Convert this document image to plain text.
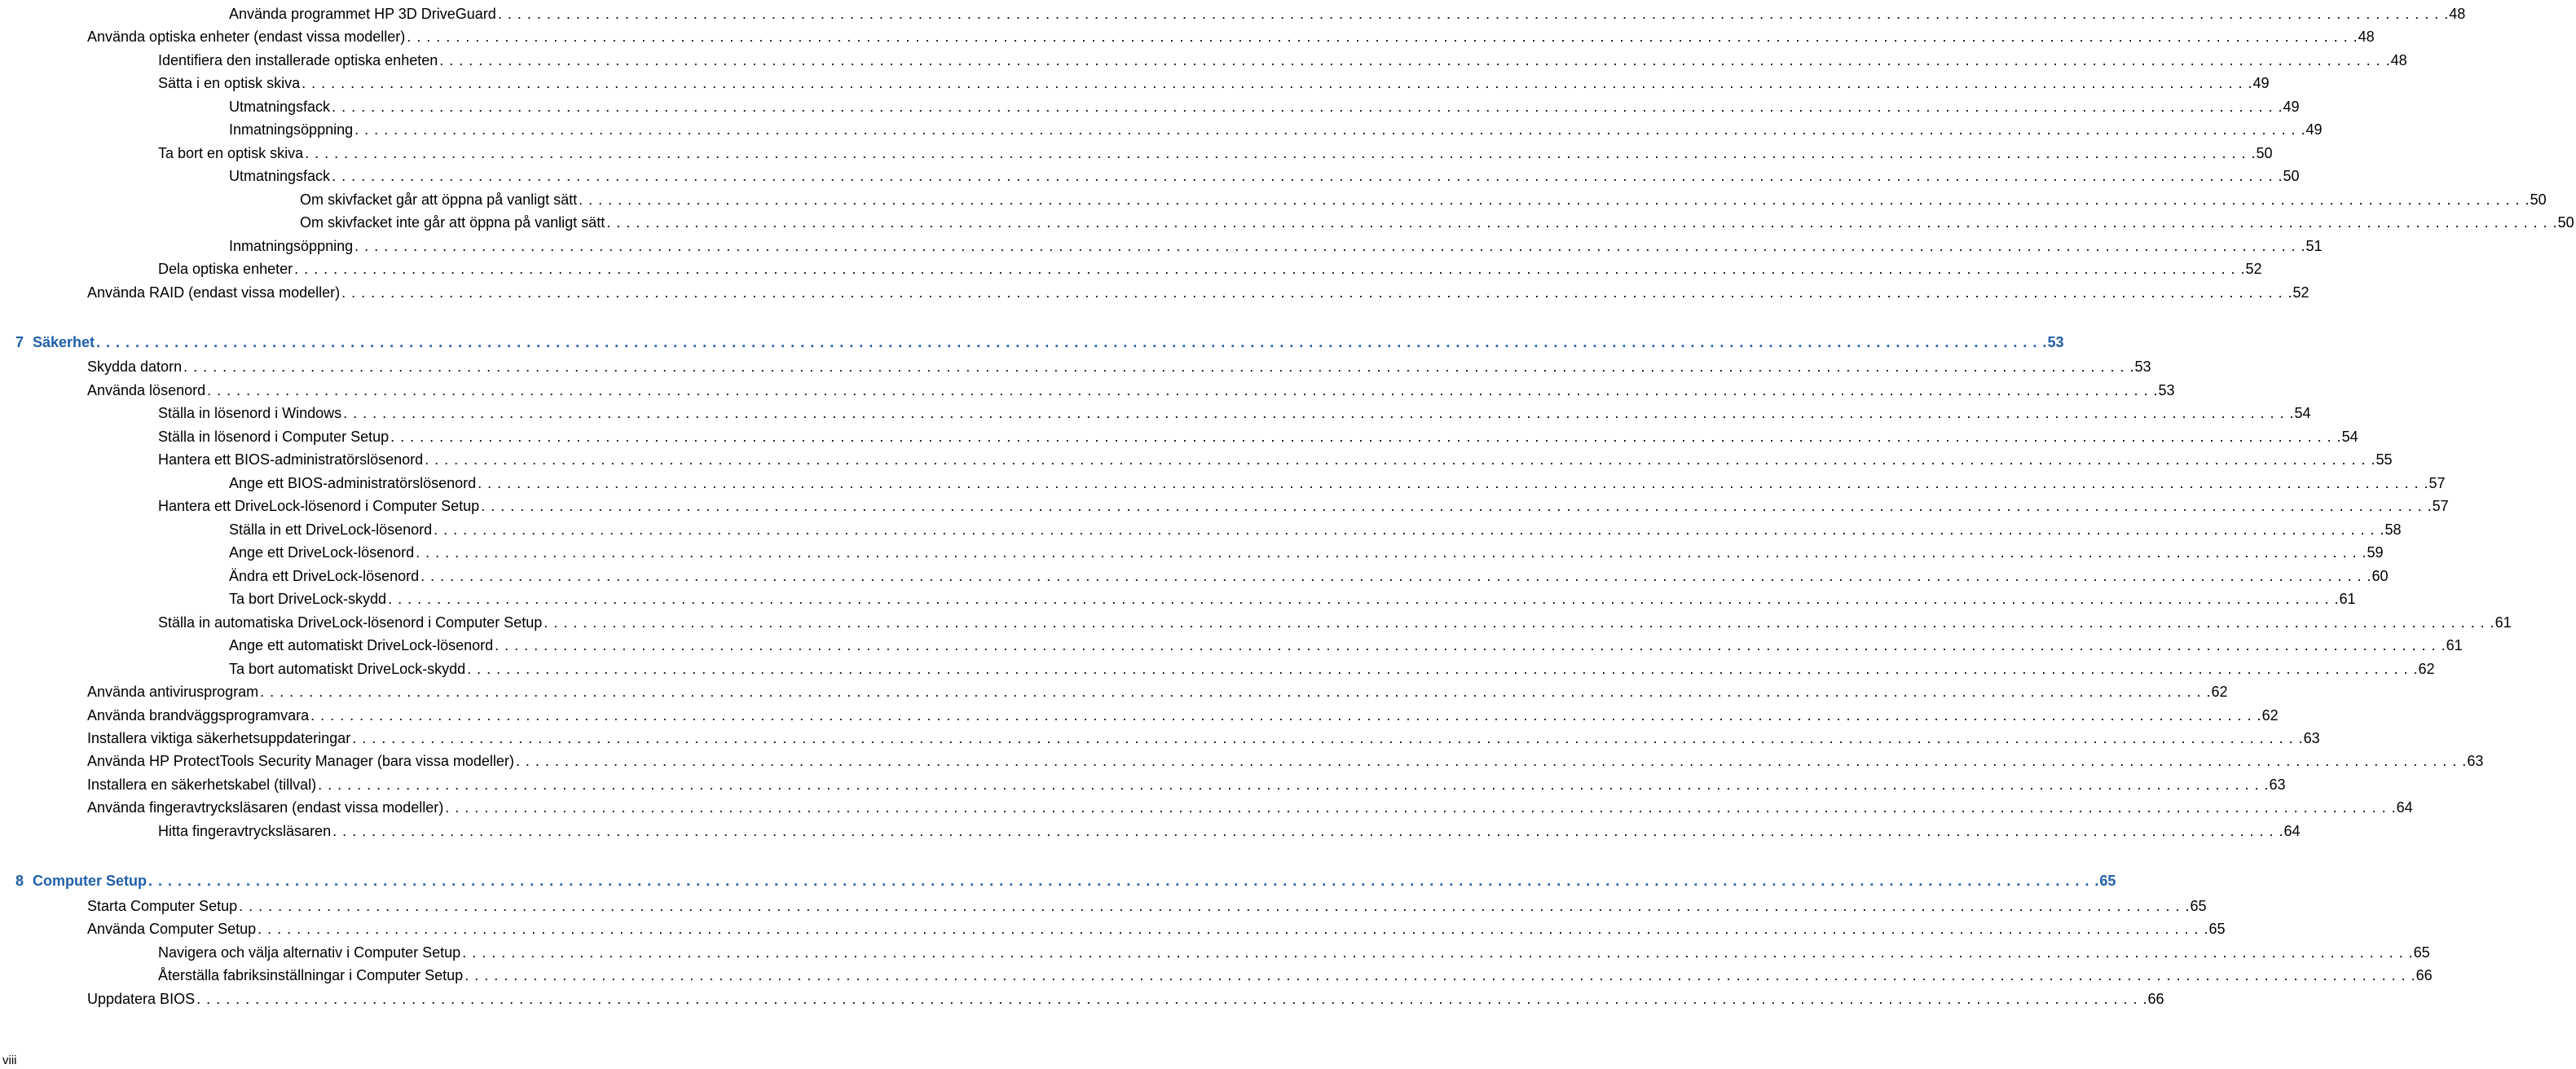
Använda programmet HP 3D DriveGuard . . . . . . . . . . . . . . . . . . . . . . . . . . . . . . . . . . . . . . . . . . . . . . . . . . . . . . . . . . . . . . . . . . . . . . . . . . . . . . . . . . . . . . . . . . . . . . . . . . . . . . . . . . . . . . . . . . . . . . . . . . . . . . . . . . . . . . . . . . . . . . . . . . . . . . . . . . . . . . . . . . . . . . . . . . . . . . . . . . . . . . . . . . . . . . . . . . . . . . . . 48
Använda optiska enheter (endast vissa modeller) . . . . . . . . . . . . . . . . . . . . . . . . . . . . . . . . . . . . . . . . . . . . . . . . . . . . . . . . . . . . . . . . . . . . . . . . . . . . . . . . . . . . . . . . . . . . . . . . . . . . . . . . . . . . . . . . . . . . . . . . . . . . . . . . . . . . . . . . . . . . . . . . . . . . . . . . . . . . . . . . . . . . . . . . . . . . . . . . . . . . . . . . . . . . . . . . . . . . . . . . 48
Identifiera den installerade optiska enheten . . . . . . . . . . . . . . . . . . . . . . . . . . . . . . . . . . . . . . . . . . . . . . . . . . . . . . . . . . . . . . . . . . . . . . . . . . . . . . . . . . . . . . . . . . . . . . . . . . . . . . . . . . . . . . . . . . . . . . . . . . . . . . . . . . . . . . . . . . . . . . . . . . . . . . . . . . . . . . . . . . . . . . . . . . . . . . . . . . . . . . . . . . . . . . . . . . . . . . . . 48
Sätta i en optisk skiva . . . . . . . . . . . . . . . . . . . . . . . . . . . . . . . . . . . . . . . . . . . . . . . . . . . . . . . . . . . . . . . . . . . . . . . . . . . . . . . . . . . . . . . . . . . . . . . . . . . . . . . . . . . . . . . . . . . . . . . . . . . . . . . . . . . . . . . . . . . . . . . . . . . . . . . . . . . . . . . . . . . . . . . . . . . . . . . . . . . . . . . . . . . . . . . . . . . . . . . . 49
Utmatningsfack . . . . . . . . . . . . . . . . . . . . . . . . . . . . . . . . . . . . . . . . . . . . . . . . . . . . . . . . . . . . . . . . . . . . . . . . . . . . . . . . . . . . . . . . . . . . . . . . . . . . . . . . . . . . . . . . . . . . . . . . . . . . . . . . . . . . . . . . . . . . . . . . . . . . . . . . . . . . . . . . . . . . . . . . . . . . . . . . . . . . . . . . . . . . . . . . . . . . . . . . 49
Inmatningsöppning . . . . . . . . . . . . . . . . . . . . . . . . . . . . . . . . . . . . . . . . . . . . . . . . . . . . . . . . . . . . . . . . . . . . . . . . . . . . . . . . . . . . . . . . . . . . . . . . . . . . . . . . . . . . . . . . . . . . . . . . . . . . . . . . . . . . . . . . . . . . . . . . . . . . . . . . . . . . . . . . . . . . . . . . . . . . . . . . . . . . . . . . . . . . . . . . . . . . . . . . 49
Ta bort en optisk skiva . . . . . . . . . . . . . . . . . . . . . . . . . . . . . . . . . . . . . . . . . . . . . . . . . . . . . . . . . . . . . . . . . . . . . . . . . . . . . . . . . . . . . . . . . . . . . . . . . . . . . . . . . . . . . . . . . . . . . . . . . . . . . . . . . . . . . . . . . . . . . . . . . . . . . . . . . . . . . . . . . . . . . . . . . . . . . . . . . . . . . . . . . . . . . . . . . . . . . . . . 50
Utmatningsfack . . . . . . . . . . . . . . . . . . . . . . . . . . . . . . . . . . . . . . . . . . . . . . . . . . . . . . . . . . . . . . . . . . . . . . . . . . . . . . . . . . . . . . . . . . . . . . . . . . . . . . . . . . . . . . . . . . . . . . . . . . . . . . . . . . . . . . . . . . . . . . . . . . . . . . . . . . . . . . . . . . . . . . . . . . . . . . . . . . . . . . . . . . . . . . . . . . . . . . . . 50
Om skivfacket går att öppna på vanligt sätt . . . . . . . . . . . . . . . . . . . . . . . . . . . . . . . . . . . . . . . . . . . . . . . . . . . . . . . . . . . . . . . . . . . . . . . . . . . . . . . . . . . . . . . . . . . . . . . . . . . . . . . . . . . . . . . . . . . . . . . . . . . . . . . . . . . . . . . . . . . . . . . . . . . . . . . . . . . . . . . . . . . . . . . . . . . . . . . . . . . . . . . . . . . . . . . . . . . . . . . . 50
Om skivfacket inte går att öppna på vanligt sätt . . . . . . . . . . . . . . . . . . . . . . . . . . . . . . . . . . . . . . . . . . . . . . . . . . . . . . . . . . . . . . . . . . . . . . . . . . . . . . . . . . . . . . . . . . . . . . . . . . . . . . . . . . . . . . . . . . . . . . . . . . . . . . . . . . . . . . . . . . . . . . . . . . . . . . . . . . . . . . . . . . . . . . . . . . . . . . . . . . . . . . . . . . . . . . . . . . . . . . . . 50
Inmatningsöppning . . . . . . . . . . . . . . . . . . . . . . . . . . . . . . . . . . . . . . . . . . . . . . . . . . . . . . . . . . . . . . . . . . . . . . . . . . . . . . . . . . . . . . . . . . . . . . . . . . . . . . . . . . . . . . . . . . . . . . . . . . . . . . . . . . . . . . . . . . . . . . . . . . . . . . . . . . . . . . . . . . . . . . . . . . . . . . . . . . . . . . . . . . . . . . . . . . . . . . . . 51
Dela optiska enheter . . . . . . . . . . . . . . . . . . . . . . . . . . . . . . . . . . . . . . . . . . . . . . . . . . . . . . . . . . . . . . . . . . . . . . . . . . . . . . . . . . . . . . . . . . . . . . . . . . . . . . . . . . . . . . . . . . . . . . . . . . . . . . . . . . . . . . . . . . . . . . . . . . . . . . . . . . . . . . . . . . . . . . . . . . . . . . . . . . . . . . . . . . . . . . . . . . . . . . . . 52
Använda RAID (endast vissa modeller) . . . . . . . . . . . . . . . . . . . . . . . . . . . . . . . . . . . . . . . . . . . . . . . . . . . . . . . . . . . . . . . . . . . . . . . . . . . . . . . . . . . . . . . . . . . . . . . . . . . . . . . . . . . . . . . . . . . . . . . . . . . . . . . . . . . . . . . . . . . . . . . . . . . . . . . . . . . . . . . . . . . . . . . . . . . . . . . . . . . . . . . . . . . . . . . . . . . . . . . . 52
7 Säkerhet . . . . . . . . . . . . . . . . . . . . . . . . . . . . . . . . . . . . . . . . . . . . . . . . . . . . . . . . . . . . . . . . . . . . . . . . . . . . . . . . . . . . . . . . . . . . . . . . . . . . . . . . . . . . . . . . . . . . . . . . . . . . . . . . . . . . . . . . . . . . . . . . . . . . . . . . . . . . . . . . . . . . . . . . . . . . . . . . . . . . . . . . . . . . . . . . . . . . . . . . 53
Skydda datorn . . . . . . . . . . . . . . . . . . . . . . . . . . . . . . . . . . . . . . . . . . . . . . . . . . . . . . . . . . . . . . . . . . . . . . . . . . . . . . . . . . . . . . . . . . . . . . . . . . . . . . . . . . . . . . . . . . . . . . . . . . . . . . . . . . . . . . . . . . . . . . . . . . . . . . . . . . . . . . . . . . . . . . . . . . . . . . . . . . . . . . . . . . . . . . . . . . . . . . . . 53
Använda lösenord . . . . . . . . . . . . . . . . . . . . . . . . . . . . . . . . . . . . . . . . . . . . . . . . . . . . . . . . . . . . . . . . . . . . . . . . . . . . . . . . . . . . . . . . . . . . . . . . . . . . . . . . . . . . . . . . . . . . . . . . . . . . . . . . . . . . . . . . . . . . . . . . . . . . . . . . . . . . . . . . . . . . . . . . . . . . . . . . . . . . . . . . . . . . . . . . . . . . . . . . 53
Ställa in lösenord i Windows . . . . . . . . . . . . . . . . . . . . . . . . . . . . . . . . . . . . . . . . . . . . . . . . . . . . . . . . . . . . . . . . . . . . . . . . . . . . . . . . . . . . . . . . . . . . . . . . . . . . . . . . . . . . . . . . . . . . . . . . . . . . . . . . . . . . . . . . . . . . . . . . . . . . . . . . . . . . . . . . . . . . . . . . . . . . . . . . . . . . . . . . . . . . . . . . . . . . . . . . 54
Ställa in lösenord i Computer Setup . . . . . . . . . . . . . . . . . . . . . . . . . . . . . . . . . . . . . . . . . . . . . . . . . . . . . . . . . . . . . . . . . . . . . . . . . . . . . . . . . . . . . . . . . . . . . . . . . . . . . . . . . . . . . . . . . . . . . . . . . . . . . . . . . . . . . . . . . . . . . . . . . . . . . . . . . . . . . . . . . . . . . . . . . . . . . . . . . . . . . . . . . . . . . . . . . . . . . . . . 54
Hantera ett BIOS-administratörslösenord . . . . . . . . . . . . . . . . . . . . . . . . . . . . . . . . . . . . . . . . . . . . . . . . . . . . . . . . . . . . . . . . . . . . . . . . . . . . . . . . . . . . . . . . . . . . . . . . . . . . . . . . . . . . . . . . . . . . . . . . . . . . . . . . . . . . . . . . . . . . . . . . . . . . . . . . . . . . . . . . . . . . . . . . . . . . . . . . . . . . . . . . . . . . . . . . . . . . . . . . 55
Ange ett BIOS-administratörslösenord . . . . . . . . . . . . . . . . . . . . . . . . . . . . . . . . . . . . . . . . . . . . . . . . . . . . . . . . . . . . . . . . . . . . . . . . . . . . . . . . . . . . . . . . . . . . . . . . . . . . . . . . . . . . . . . . . . . . . . . . . . . . . . . . . . . . . . . . . . . . . . . . . . . . . . . . . . . . . . . . . . . . . . . . . . . . . . . . . . . . . . . . . . . . . . . . . . . . . . . . 57
Hantera ett DriveLock-lösenord i Computer Setup . . . . . . . . . . . . . . . . . . . . . . . . . . . . . . . . . . . . . . . . . . . . . . . . . . . . . . . . . . . . . . . . . . . . . . . . . . . . . . . . . . . . . . . . . . . . . . . . . . . . . . . . . . . . . . . . . . . . . . . . . . . . . . . . . . . . . . . . . . . . . . . . . . . . . . . . . . . . . . . . . . . . . . . . . . . . . . . . . . . . . . . . . . . . . . . . . . . . . . . . 57
Ställa in ett DriveLock-lösenord . . . . . . . . . . . . . . . . . . . . . . . . . . . . . . . . . . . . . . . . . . . . . . . . . . . . . . . . . . . . . . . . . . . . . . . . . . . . . . . . . . . . . . . . . . . . . . . . . . . . . . . . . . . . . . . . . . . . . . . . . . . . . . . . . . . . . . . . . . . . . . . . . . . . . . . . . . . . . . . . . . . . . . . . . . . . . . . . . . . . . . . . . . . . . . . . . . . . . . . . 58
Ange ett DriveLock-lösenord . . . . . . . . . . . . . . . . . . . . . . . . . . . . . . . . . . . . . . . . . . . . . . . . . . . . . . . . . . . . . . . . . . . . . . . . . . . . . . . . . . . . . . . . . . . . . . . . . . . . . . . . . . . . . . . . . . . . . . . . . . . . . . . . . . . . . . . . . . . . . . . . . . . . . . . . . . . . . . . . . . . . . . . . . . . . . . . . . . . . . . . . . . . . . . . . . . . . . . . . 59
Ändra ett DriveLock-lösenord . . . . . . . . . . . . . . . . . . . . . . . . . . . . . . . . . . . . . . . . . . . . . . . . . . . . . . . . . . . . . . . . . . . . . . . . . . . . . . . . . . . . . . . . . . . . . . . . . . . . . . . . . . . . . . . . . . . . . . . . . . . . . . . . . . . . . . . . . . . . . . . . . . . . . . . . . . . . . . . . . . . . . . . . . . . . . . . . . . . . . . . . . . . . . . . . . . . . . . . . 60
Ta bort DriveLock-skydd . . . . . . . . . . . . . . . . . . . . . . . . . . . . . . . . . . . . . . . . . . . . . . . . . . . . . . . . . . . . . . . . . . . . . . . . . . . . . . . . . . . . . . . . . . . . . . . . . . . . . . . . . . . . . . . . . . . . . . . . . . . . . . . . . . . . . . . . . . . . . . . . . . . . . . . . . . . . . . . . . . . . . . . . . . . . . . . . . . . . . . . . . . . . . . . . . . . . . . . . 61
Ställa in automatiska DriveLock-lösenord i Computer Setup . . . . . . . . . . . . . . . . . . . . . . . . . . . . . . . . . . . . . . . . . . . . . . . . . . . . . . . . . . . . . . . . . . . . . . . . . . . . . . . . . . . . . . . . . . . . . . . . . . . . . . . . . . . . . . . . . . . . . . . . . . . . . . . . . . . . . . . . . . . . . . . . . . . . . . . . . . . . . . . . . . . . . . . . . . . . . . . . . . . . . . . . . . . . . . . . . . . . . . . . 61
Ange ett automatiskt DriveLock-lösenord . . . . . . . . . . . . . . . . . . . . . . . . . . . . . . . . . . . . . . . . . . . . . . . . . . . . . . . . . . . . . . . . . . . . . . . . . . . . . . . . . . . . . . . . . . . . . . . . . . . . . . . . . . . . . . . . . . . . . . . . . . . . . . . . . . . . . . . . . . . . . . . . . . . . . . . . . . . . . . . . . . . . . . . . . . . . . . . . . . . . . . . . . . . . . . . . . . . . . . . . 61
Ta bort automatiskt DriveLock-skydd . . . . . . . . . . . . . . . . . . . . . . . . . . . . . . . . . . . . . . . . . . . . . . . . . . . . . . . . . . . . . . . . . . . . . . . . . . . . . . . . . . . . . . . . . . . . . . . . . . . . . . . . . . . . . . . . . . . . . . . . . . . . . . . . . . . . . . . . . . . . . . . . . . . . . . . . . . . . . . . . . . . . . . . . . . . . . . . . . . . . . . . . . . . . . . . . . . . . . . . . 62
Använda antivirusprogram . . . . . . . . . . . . . . . . . . . . . . . . . . . . . . . . . . . . . . . . . . . . . . . . . . . . . . . . . . . . . . . . . . . . . . . . . . . . . . . . . . . . . . . . . . . . . . . . . . . . . . . . . . . . . . . . . . . . . . . . . . . . . . . . . . . . . . . . . . . . . . . . . . . . . . . . . . . . . . . . . . . . . . . . . . . . . . . . . . . . . . . . . . . . . . . . . . . . . . . . 62
Använda brandväggsprogramvara . . . . . . . . . . . . . . . . . . . . . . . . . . . . . . . . . . . . . . . . . . . . . . . . . . . . . . . . . . . . . . . . . . . . . . . . . . . . . . . . . . . . . . . . . . . . . . . . . . . . . . . . . . . . . . . . . . . . . . . . . . . . . . . . . . . . . . . . . . . . . . . . . . . . . . . . . . . . . . . . . . . . . . . . . . . . . . . . . . . . . . . . . . . . . . . . . . . . . . . . 62
Installera viktiga säkerhetsuppdateringar . . . . . . . . . . . . . . . . . . . . . . . . . . . . . . . . . . . . . . . . . . . . . . . . . . . . . . . . . . . . . . . . . . . . . . . . . . . . . . . . . . . . . . . . . . . . . . . . . . . . . . . . . . . . . . . . . . . . . . . . . . . . . . . . . . . . . . . . . . . . . . . . . . . . . . . . . . . . . . . . . . . . . . . . . . . . . . . . . . . . . . . . . . . . . . . . . . . . . . . . 63
Använda HP ProtectTools Security Manager (bara vissa modeller) . . . . . . . . . . . . . . . . . . . . . . . . . . . . . . . . . . . . . . . . . . . . . . . . . . . . . . . . . . . . . . . . . . . . . . . . . . . . . . . . . . . . . . . . . . . . . . . . . . . . . . . . . . . . . . . . . . . . . . . . . . . . . . . . . . . . . . . . . . . . . . . . . . . . . . . . . . . . . . . . . . . . . . . . . . . . . . . . . . . . . . . . . . . . . . . . . . . . . . . . 63
Installera en säkerhetskabel (tillval) . . . . . . . . . . . . . . . . . . . . . . . . . . . . . . . . . . . . . . . . . . . . . . . . . . . . . . . . . . . . . . . . . . . . . . . . . . . . . . . . . . . . . . . . . . . . . . . . . . . . . . . . . . . . . . . . . . . . . . . . . . . . . . . . . . . . . . . . . . . . . . . . . . . . . . . . . . . . . . . . . . . . . . . . . . . . . . . . . . . . . . . . . . . . . . . . . . . . . . . . 63
Använda fingeravtrycksläsaren (endast vissa modeller) . . . . . . . . . . . . . . . . . . . . . . . . . . . . . . . . . . . . . . . . . . . . . . . . . . . . . . . . . . . . . . . . . . . . . . . . . . . . . . . . . . . . . . . . . . . . . . . . . . . . . . . . . . . . . . . . . . . . . . . . . . . . . . . . . . . . . . . . . . . . . . . . . . . . . . . . . . . . . . . . . . . . . . . . . . . . . . . . . . . . . . . . . . . . . . . . . . . . . . . . 64
Hitta fingeravtrycksläsaren . . . . . . . . . . . . . . . . . . . . . . . . . . . . . . . . . . . . . . . . . . . . . . . . . . . . . . . . . . . . . . . . . . . . . . . . . . . . . . . . . . . . . . . . . . . . . . . . . . . . . . . . . . . . . . . . . . . . . . . . . . . . . . . . . . . . . . . . . . . . . . . . . . . . . . . . . . . . . . . . . . . . . . . . . . . . . . . . . . . . . . . . . . . . . . . . . . . . . . . . 64
8 Computer Setup . . . . . . . . . . . . . . . . . . . . . . . . . . . . . . . . . . . . . . . . . . . . . . . . . . . . . . . . . . . . . . . . . . . . . . . . . . . . . . . . . . . . . . . . . . . . . . . . . . . . . . . . . . . . . . . . . . . . . . . . . . . . . . . . . . . . . . . . . . . . . . . . . . . . . . . . . . . . . . . . . . . . . . . . . . . . . . . . . . . . . . . . . . . . . . . . . . . . . . . . 65
Starta Computer Setup . . . . . . . . . . . . . . . . . . . . . . . . . . . . . . . . . . . . . . . . . . . . . . . . . . . . . . . . . . . . . . . . . . . . . . . . . . . . . . . . . . . . . . . . . . . . . . . . . . . . . . . . . . . . . . . . . . . . . . . . . . . . . . . . . . . . . . . . . . . . . . . . . . . . . . . . . . . . . . . . . . . . . . . . . . . . . . . . . . . . . . . . . . . . . . . . . . . . . . . . 65
Använda Computer Setup . . . . . . . . . . . . . . . . . . . . . . . . . . . . . . . . . . . . . . . . . . . . . . . . . . . . . . . . . . . . . . . . . . . . . . . . . . . . . . . . . . . . . . . . . . . . . . . . . . . . . . . . . . . . . . . . . . . . . . . . . . . . . . . . . . . . . . . . . . . . . . . . . . . . . . . . . . . . . . . . . . . . . . . . . . . . . . . . . . . . . . . . . . . . . . . . . . . . . . . . 65
Navigera och välja alternativ i Computer Setup . . . . . . . . . . . . . . . . . . . . . . . . . . . . . . . . . . . . . . . . . . . . . . . . . . . . . . . . . . . . . . . . . . . . . . . . . . . . . . . . . . . . . . . . . . . . . . . . . . . . . . . . . . . . . . . . . . . . . . . . . . . . . . . . . . . . . . . . . . . . . . . . . . . . . . . . . . . . . . . . . . . . . . . . . . . . . . . . . . . . . . . . . . . . . . . . . . . . . . . . 65
Återställa fabriksinställningar i Computer Setup . . . . . . . . . . . . . . . . . . . . . . . . . . . . . . . . . . . . . . . . . . . . . . . . . . . . . . . . . . . . . . . . . . . . . . . . . . . . . . . . . . . . . . . . . . . . . . . . . . . . . . . . . . . . . . . . . . . . . . . . . . . . . . . . . . . . . . . . . . . . . . . . . . . . . . . . . . . . . . . . . . . . . . . . . . . . . . . . . . . . . . . . . . . . . . . . . . . . . . . . 66
Uppdatera BIOS . . . . . . . . . . . . . . . . . . . . . . . . . . . . . . . . . . . . . . . . . . . . . . . . . . . . . . . . . . . . . . . . . . . . . . . . . . . . . . . . . . . . . . . . . . . . . . . . . . . . . . . . . . . . . . . . . . . . . . . . . . . . . . . . . . . . . . . . . . . . . . . . . . . . . . . . . . . . . . . . . . . . . . . . . . . . . . . . . . . . . . . . . . . . . . . . . . . . . . . . 66
viii
